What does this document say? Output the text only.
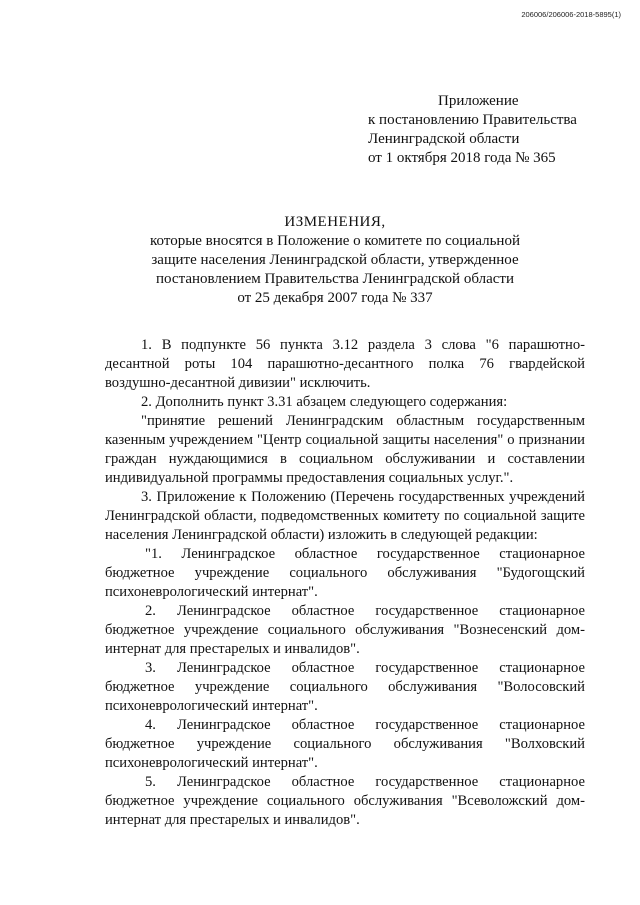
206006/206006-2018-5895(1)
Приложение
к постановлению Правительства
Ленинградской области
от 1 октября 2018 года № 365
ИЗМЕНЕНИЯ,
которые вносятся в Положение о комитете по социальной
защите населения Ленинградской области, утвержденное
постановлением Правительства Ленинградской области
от 25 декабря 2007 года № 337

1. В подпункте 56 пункта 3.12 раздела 3 слова "6 парашютно-десантной роты 104 парашютно-десантного полка 76 гвардейской воздушно-десантной дивизии" исключить.

2. Дополнить пункт 3.31 абзацем следующего содержания:

"принятие решений Ленинградским областным государственным казенным учреждением "Центр социальной защиты населения" о признании граждан нуждающимися в социальном обслуживании и составлении индивидуальной программы предоставления социальных услуг.".

3. Приложение к Положению (Перечень государственных учреждений Ленинградской области, подведомственных комитету по социальной защите населения Ленинградской области) изложить в следующей редакции:

"1. Ленинградское областное государственное стационарное бюджетное учреждение социального обслуживания "Будогощский психоневрологический интернат".

2. Ленинградское областное государственное стационарное бюджетное учреждение социального обслуживания "Вознесенский дом-интернат для престарелых и инвалидов".

3. Ленинградское областное государственное стационарное бюджетное учреждение социального обслуживания "Волосовский психоневрологический интернат".

4. Ленинградское областное государственное стационарное бюджетное учреждение социального обслуживания "Волховский психоневрологический интернат".

5. Ленинградское областное государственное стационарное бюджетное учреждение социального обслуживания "Всеволожский дом-интернат для престарелых и инвалидов".
